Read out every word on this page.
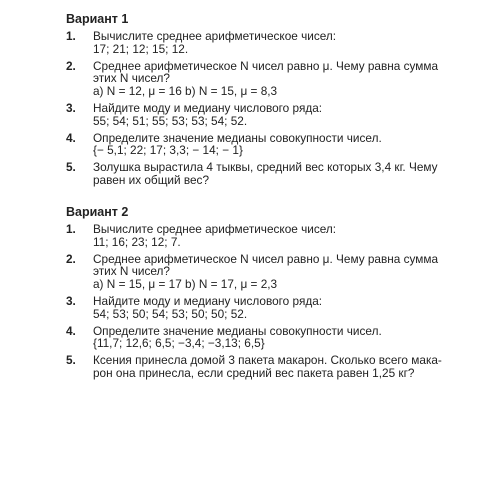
Вариант 1
1. Вычислите среднее арифметическое чисел:
17; 21; 12; 15; 12.
2. Среднее арифметическое N чисел равно μ. Чему равна сумма
этих N чисел?
а) N = 12, μ = 16 b) N = 15, μ = 8,3
3. Найдите моду и медиану числового ряда:
55; 54; 51; 55; 53; 53; 54; 52.
4. Определите значение медианы совокупности чисел.
{− 5,1; 22; 17; 3,3; − 14; − 1}
5. Золушка вырастила 4 тыквы, средний вес которых 3,4 кг. Чему
равен их общий вес?
Вариант 2
1. Вычислите среднее арифметическое чисел:
11; 16; 23; 12; 7.
2. Среднее арифметическое N чисел равно μ. Чему равна сумма
этих N чисел?
а) N = 15, μ = 17 b) N = 17, μ = 2,3
3. Найдите моду и медиану числового ряда:
54; 53; 50; 54; 53; 50; 50; 52.
4. Определите значение медианы совокупности чисел.
{11,7; 12,6; 6,5; −3,4; −3,13; 6,5}
5. Ксения принесла домой 3 пакета макарон. Сколько всего мака-
рон она принесла, если средний вес пакета равен 1,25 кг?
